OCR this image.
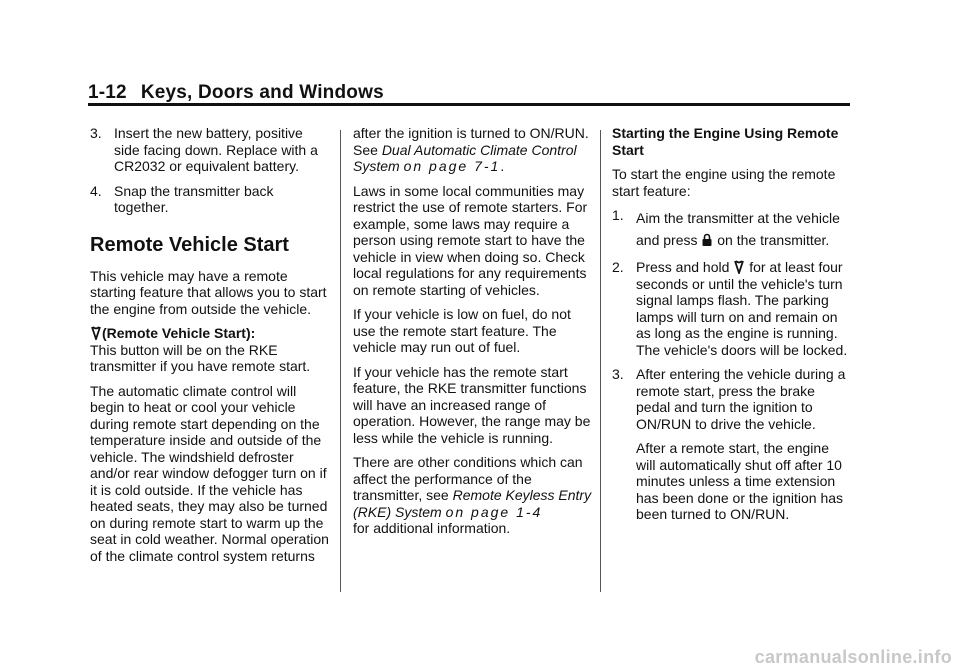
1-12 Keys, Doors and Windows
3. Insert the new battery, positive side facing down. Replace with a CR2032 or equivalent battery.
4. Snap the transmitter back together.
Remote Vehicle Start

This vehicle may have a remote starting feature that allows you to start the engine from outside the vehicle.

(Remote Vehicle Start):
This button will be on the RKE transmitter if you have remote start.

The automatic climate control will begin to heat or cool your vehicle during remote start depending on the temperature inside and outside of the vehicle. The windshield defroster and/or rear window defogger turn on if it is cold outside. If the vehicle has heated seats, they may also be turned on during remote start to warm up the seat in cold weather. Normal operation of the climate control system returns

after the ignition is turned to ON/RUN. See Dual Automatic Climate Control System on page 7-1.

Laws in some local communities may restrict the use of remote starters. For example, some laws may require a person using remote start to have the vehicle in view when doing so. Check local regulations for any requirements on remote starting of vehicles.

If your vehicle is low on fuel, do not use the remote start feature. The vehicle may run out of fuel.

If your vehicle has the remote start feature, the RKE transmitter functions will have an increased range of operation. However, the range may be less while the vehicle is running.

There are other conditions which can affect the performance of the transmitter, see Remote Keyless Entry (RKE) System on page 1-4
for additional information.

Starting the Engine Using Remote Start

To start the engine using the remote start feature:

1. Aim the transmitter at the vehicle and press on the transmitter.
2. Press and hold for at least four seconds or until the vehicle's turn signal lamps flash. The parking lamps will turn on and remain on as long as the engine is running. The vehicle's doors will be locked.
3. After entering the vehicle during a remote start, press the brake pedal and turn the ignition to ON/RUN to drive the vehicle.

After a remote start, the engine will automatically shut off after 10 minutes unless a time extension has been done or the ignition has been turned to ON/RUN.

carmanualsonline.info
